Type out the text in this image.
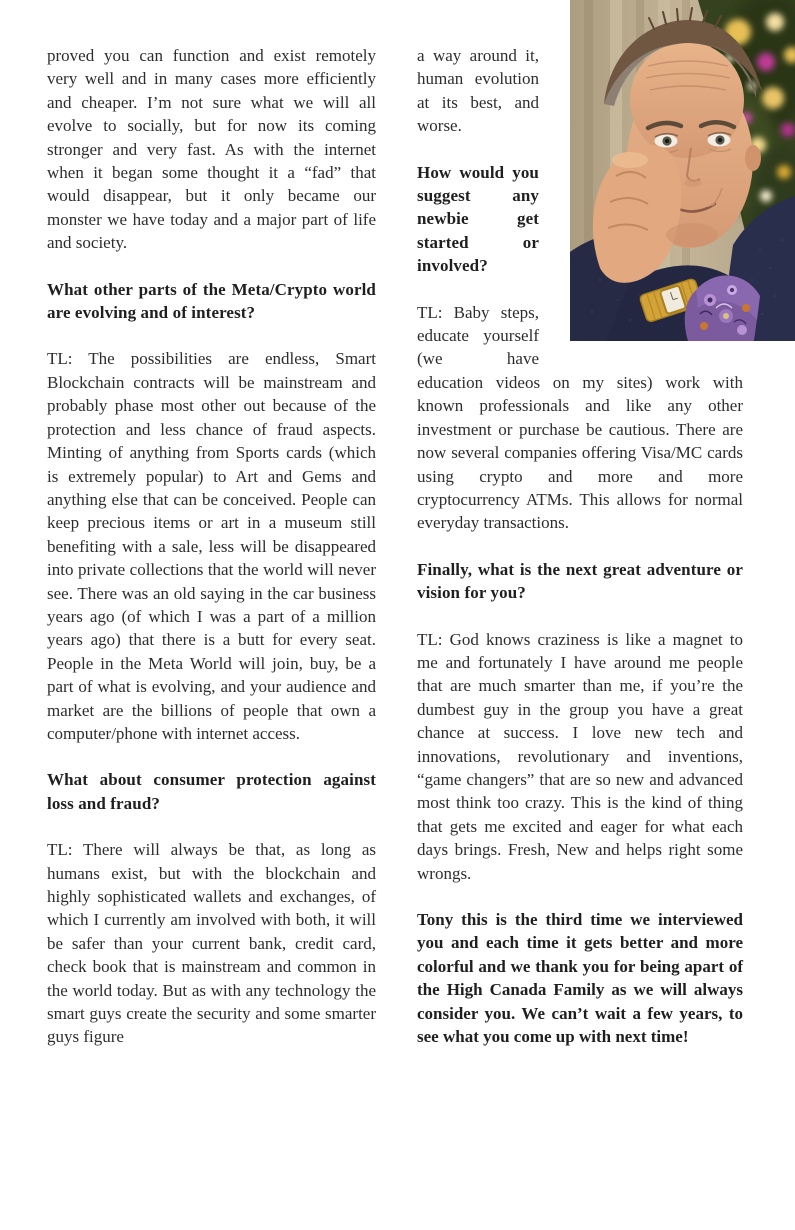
proved you can function and exist remotely very well and in many cases more efficiently and cheaper. I’m not sure what we will all evolve to socially, but for now its coming stronger and very fast. As with the internet when it began some thought it a “fad” that would disappear, but it only became our monster we have today and a major part of life and society.

What other parts of the Meta/Crypto world are evolving and of interest?

TL: The possibilities are endless, Smart Blockchain contracts will be mainstream and probably phase most other out because of the protection and less chance of fraud aspects. Minting of anything from Sports cards (which is extremely popular) to Art and Gems and anything else that can be conceived. People can keep precious items or art in a museum still benefiting with a sale, less will be disappeared into private collections that the world will never see. There was an old saying in the car business years ago (of which I was a part of a million years ago) that there is a butt for every seat. People in the Meta World will join, buy, be a part of what is evolving, and your audience and market are the billions of people that own a computer/phone with internet access.

What about consumer protection against loss and fraud?

TL: There will always be that, as long as humans exist, but with the blockchain and highly sophisticated wallets and exchanges, of which I currently am involved with both, it will be safer than your current bank, credit card, check book that is mainstream and common in the world today. But as with any technology the smart guys create the security and some smarter guys figure

a way around it, human evolution at its best, and worse.

How would you suggest any newbie get started or involved?

TL: Baby steps, educate yourself (we have education videos on my sites) work with known professionals and like any other investment or purchase be cautious. There are now several companies offering Visa/MC cards using crypto and more and more cryptocurrency ATMs. This allows for normal everyday transactions.

Finally, what is the next great adventure or vision for you?

TL: God knows craziness is like a magnet to me and fortunately I have around me people that are much smarter than me, if you’re the dumbest guy in the group you have a great chance at success. I love new tech and innovations, revolutionary and inventions, “game changers” that are so new and advanced most think too crazy. This is the kind of thing that gets me excited and eager for what each days brings. Fresh, New and helps right some wrongs.

Tony this is the third time we interviewed you and each time it gets better and more colorful and we thank you for being apart of the High Canada Family as we will always consider you. We can’t wait a few years, to see what you come up with next time!
